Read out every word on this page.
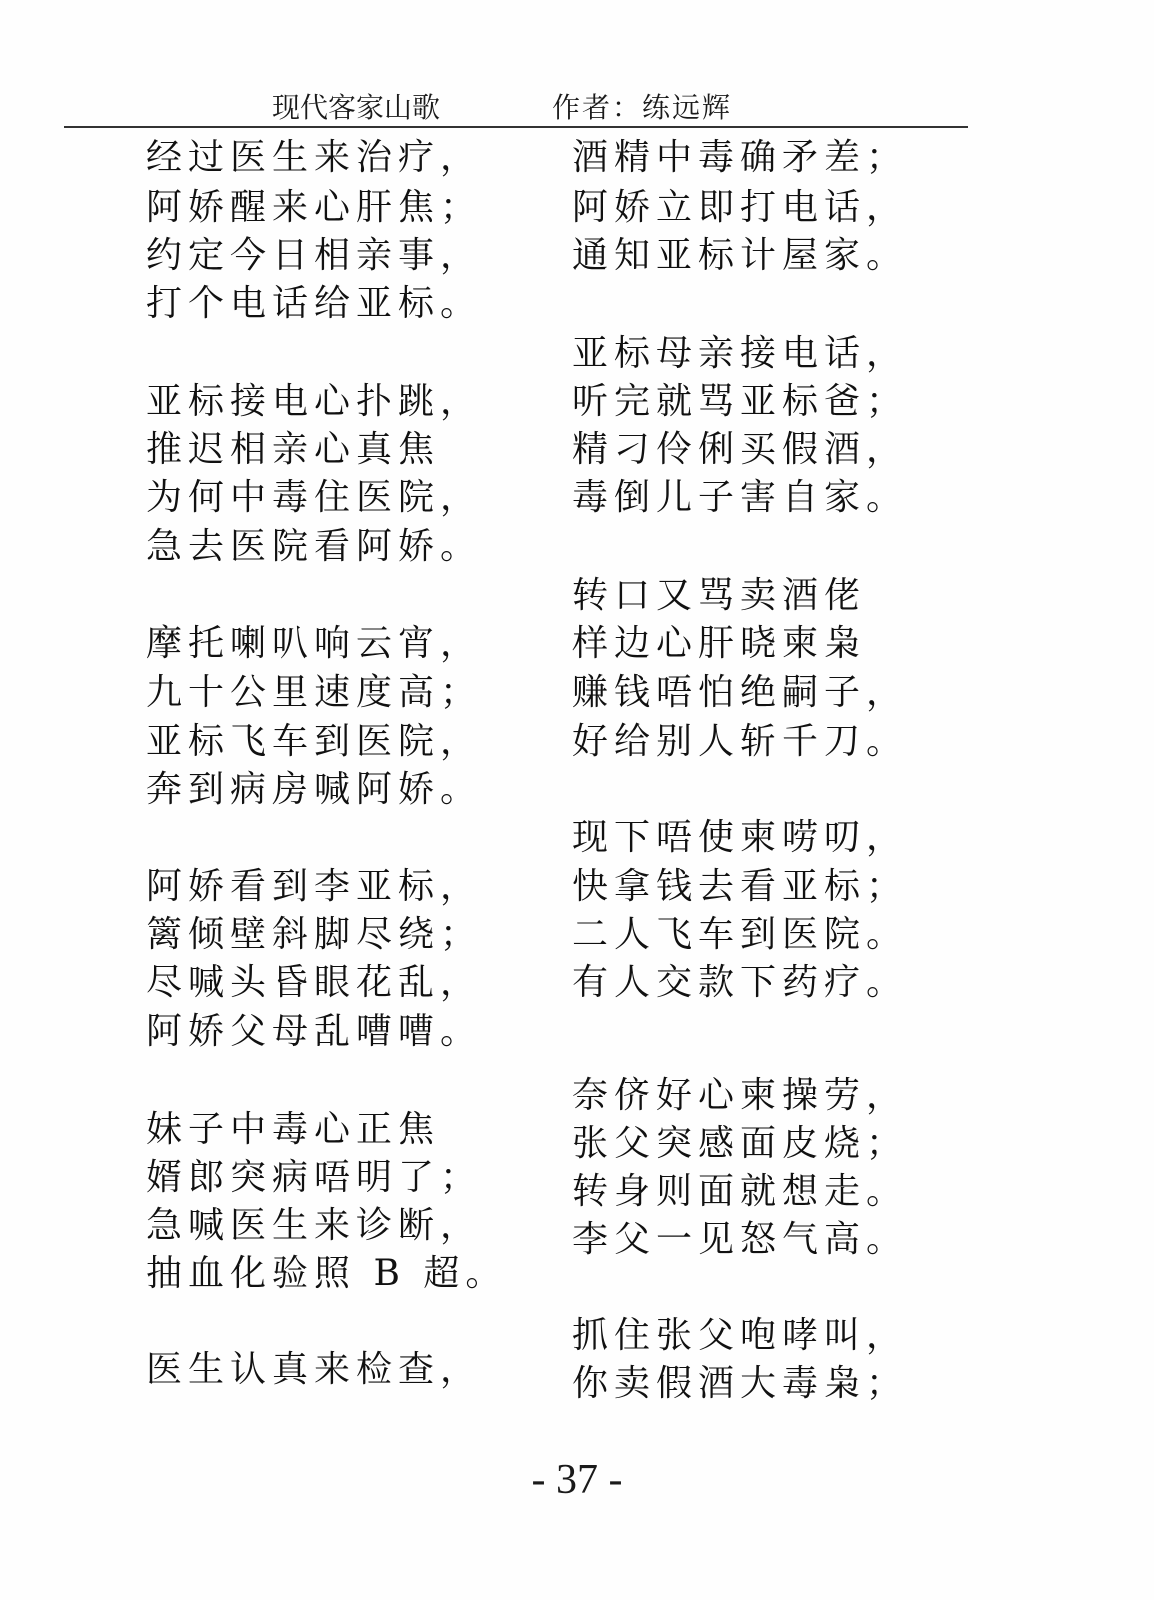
现代客家山歌	作者：练远辉
经过医生来治疗，
阿娇醒来心肝焦；
约定今日相亲事，
打个电话给亚标。
亚标接电心扑跳，
推迟相亲心真焦
为何中毒住医院，
急去医院看阿娇。
摩托喇叭响云宵，
九十公里速度高；
亚标飞车到医院，
奔到病房喊阿娇。
阿娇看到李亚标，
篱倾壁斜脚尽绕；
尽喊头昏眼花乱，
阿娇父母乱嘈嘈。
妹子中毒心正焦
婿郎突病唔明了；
急喊医生来诊断，
抽血化验照 B 超。
医生认真来检查，
酒精中毒确矛差；
阿娇立即打电话，
通知亚标计屋家。
亚标母亲接电话，
听完就骂亚标爸；
精刁伶俐买假酒，
毒倒儿子害自家。
转口又骂卖酒佬
样边心肝晓柬枭
赚钱唔怕绝嗣子，
好给别人斩千刀。
现下唔使柬唠叨，
快拿钱去看亚标；
二人飞车到医院。
有人交款下药疗。
奈侪好心柬操劳，
张父突感面皮烧；
转身则面就想走。
李父一见怒气高。
抓住张父咆哮叫，
你卖假酒大毒枭；
- 37 -
